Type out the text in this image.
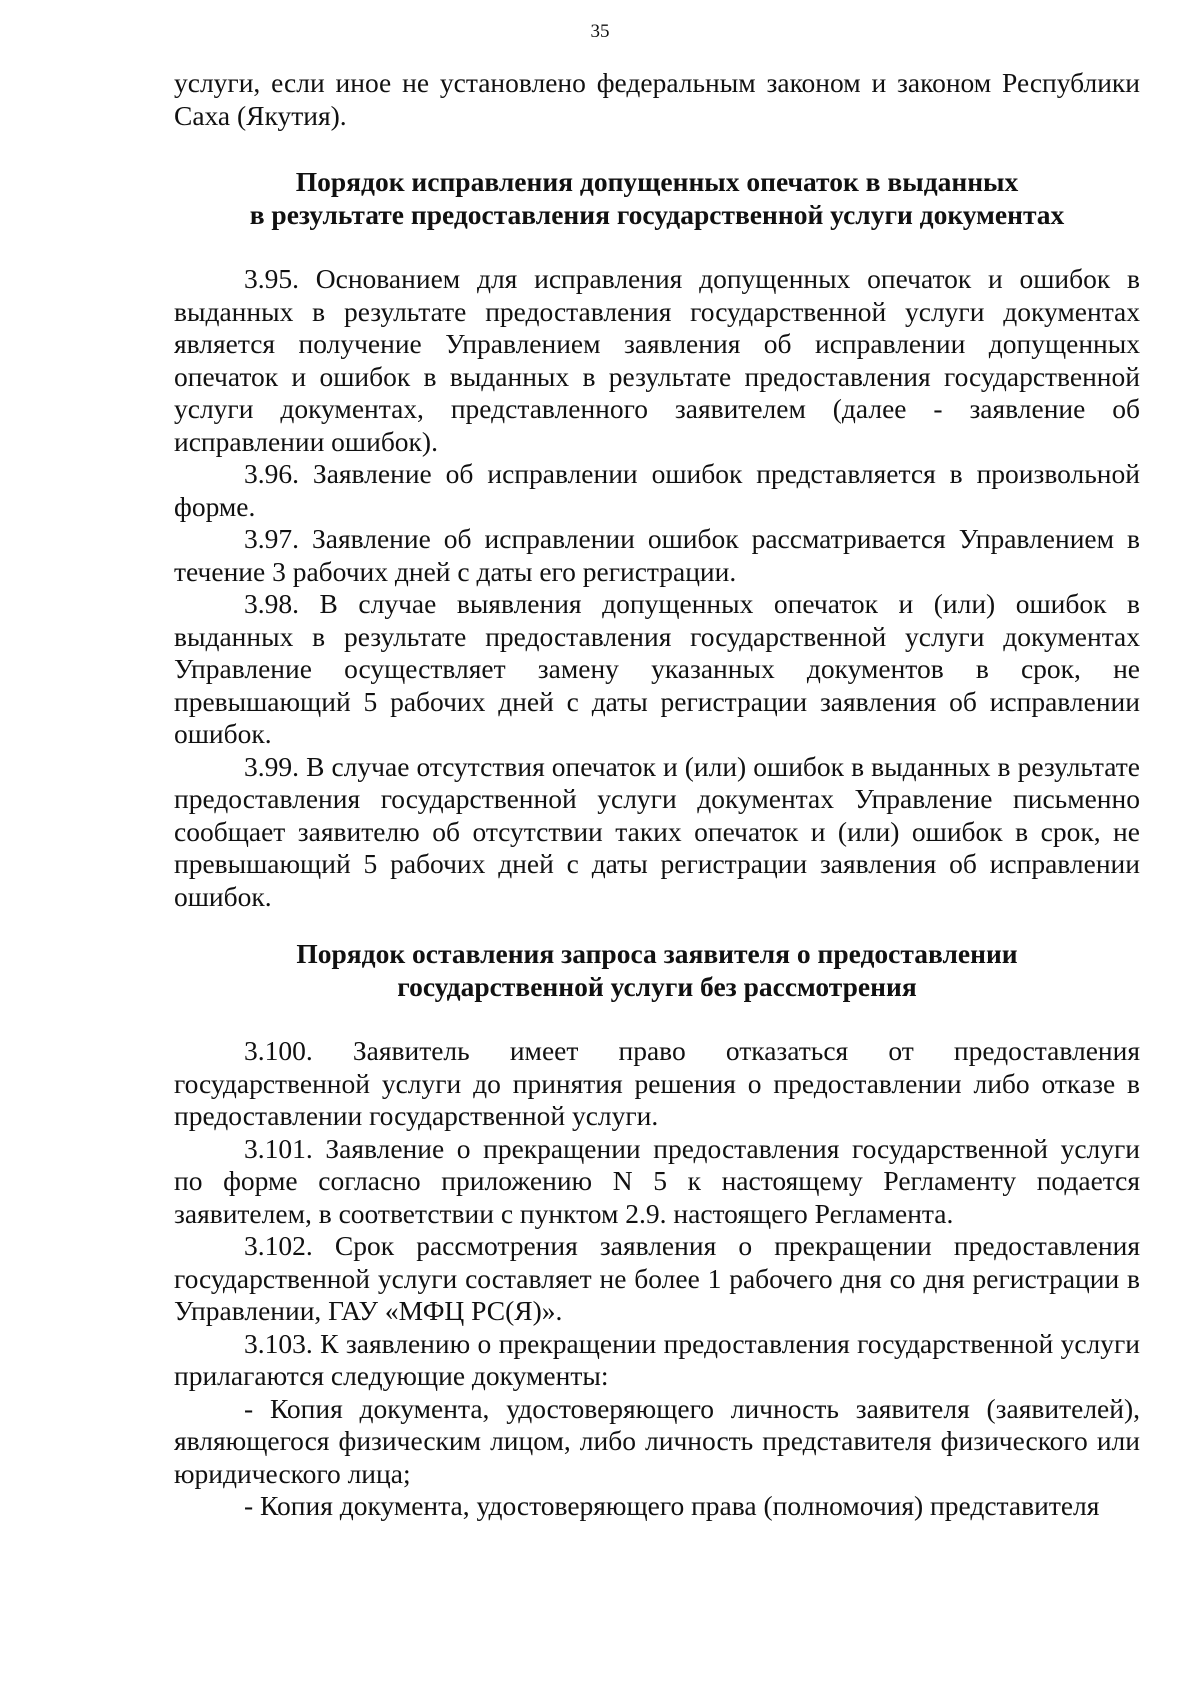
35

услуги, если иное не установлено федеральным законом и законом Республики Саха (Якутия).

Порядок исправления допущенных опечаток в выданных
в результате предоставления государственной услуги документах

3.95. Основанием для исправления допущенных опечаток и ошибок в выданных в результате предоставления государственной услуги документах является получение Управлением заявления об исправлении допущенных опечаток и ошибок в выданных в результате предоставления государственной услуги документах, представленного заявителем (далее - заявление об исправлении ошибок).

3.96. Заявление об исправлении ошибок представляется в произвольной форме.

3.97. Заявление об исправлении ошибок рассматривается Управлением в течение 3 рабочих дней с даты его регистрации.

3.98. В случае выявления допущенных опечаток и (или) ошибок в выданных в результате предоставления государственной услуги документах Управление осуществляет замену указанных документов в срок, не превышающий 5 рабочих дней с даты регистрации заявления об исправлении ошибок.

3.99. В случае отсутствия опечаток и (или) ошибок в выданных в результате предоставления государственной услуги документах Управление письменно сообщает заявителю об отсутствии таких опечаток и (или) ошибок в срок, не превышающий 5 рабочих дней с даты регистрации заявления об исправлении ошибок.

Порядок оставления запроса заявителя о предоставлении
государственной услуги без рассмотрения

3.100. Заявитель имеет право отказаться от предоставления государственной услуги до принятия решения о предоставлении либо отказе в предоставлении государственной услуги.

3.101. Заявление о прекращении предоставления государственной услуги по форме согласно приложению N 5 к настоящему Регламенту подается заявителем, в соответствии с пунктом 2.9. настоящего Регламента.

3.102. Срок рассмотрения заявления о прекращении предоставления государственной услуги составляет не более 1 рабочего дня со дня регистрации в Управлении, ГАУ «МФЦ РС(Я)».

3.103. К заявлению о прекращении предоставления государственной услуги прилагаются следующие документы:

- Копия документа, удостоверяющего личность заявителя (заявителей), являющегося физическим лицом, либо личность представителя физического или юридического лица;

- Копия документа, удостоверяющего права (полномочия) представителя
